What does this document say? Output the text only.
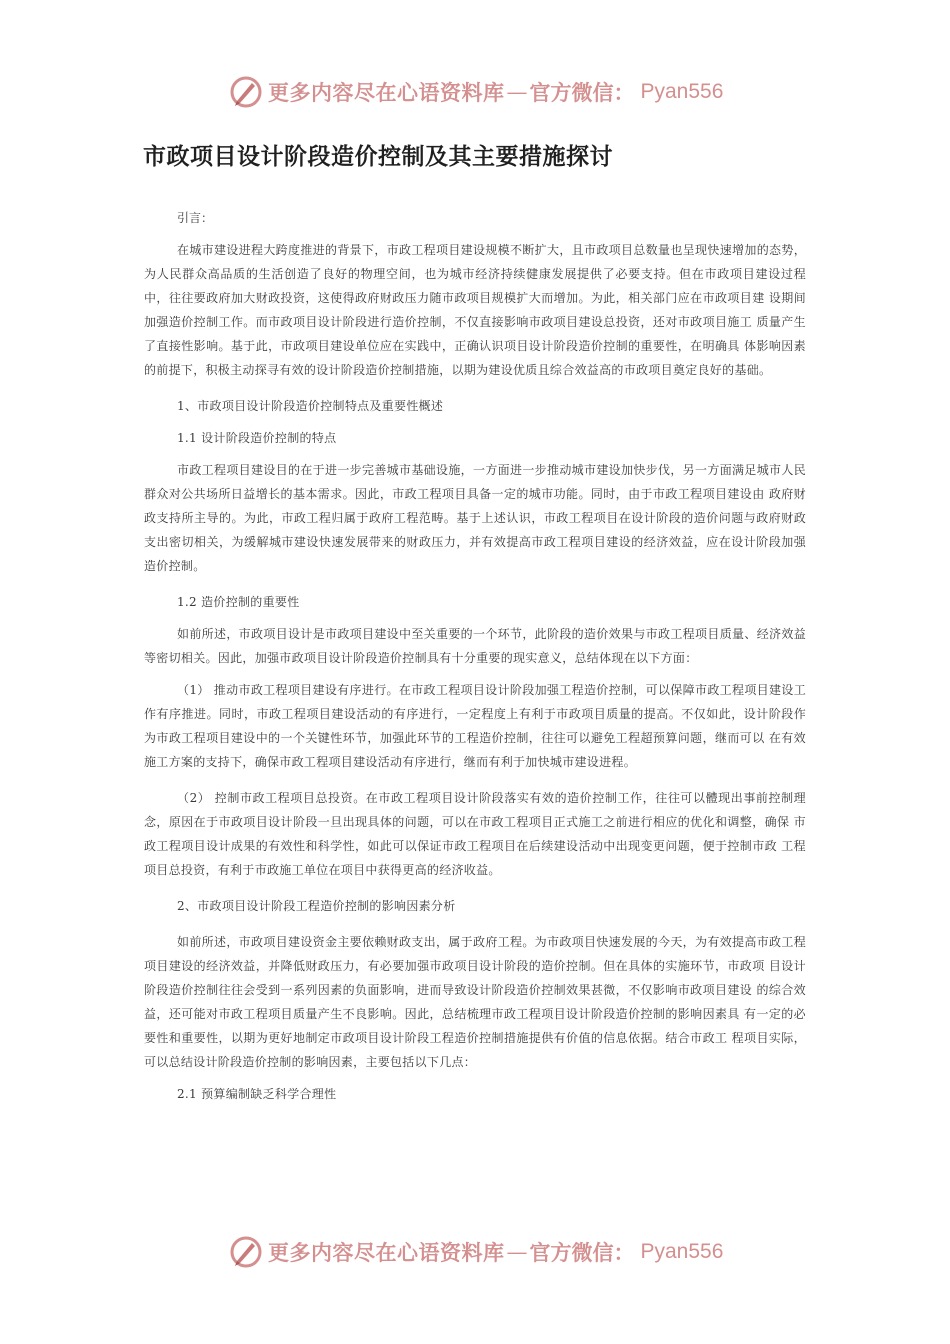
更多内容尽在心语资料库 — 官方微信： Pyan556
市政项目设计阶段造价控制及其主要措施探讨

引言：

在城市建设进程大跨度推进的背景下，市政工程项目建设规模不断扩大，且市政项目总数量也呈现快速增加的态势，为人民群众高品质的生活创造了良好的物理空间，也为城市经济持续健康发展提供了必要支持。但在市政项目建设过程中，往往要政府加大财政投资，这使得政府财政压力随市政项目规模扩大而增加。为此，相关部门应在市政项目建 设期间加强造价控制工作。而市政项目设计阶段进行造价控制，不仅直接影响市政项目建设总投资，还对市政项目施工 质量产生了直接性影响。基于此，市政项目建设单位应在实践中，正确认识项目设计阶段造价控制的重要性，在明确具 体影响因素的前提下，积极主动探寻有效的设计阶段造价控制措施，以期为建设优质且综合效益高的市政项目奠定良好的基础。

1、市政项目设计阶段造价控制特点及重要性概述

1.1 设计阶段造价控制的特点

市政工程项目建设目的在于进一步完善城市基础设施，一方面进一步推动城市建设加快步伐，另一方面满足城市人民群众对公共场所日益增长的基本需求。因此，市政工程项目具备一定的城市功能。同时，由于市政工程项目建设由 政府财政支持所主导的。为此，市政工程归属于政府工程范畴。基于上述认识，市政工程项目在设计阶段的造价问题与政府财政支出密切相关，为缓解城市建设快速发展带来的财政压力，并有效提高市政工程项目建设的经济效益，应在设计阶段加强造价控制。

1.2 造价控制的重要性

如前所述，市政项目设计是市政项目建设中至关重要的一个环节，此阶段的造价效果与市政工程项目质量、经济效益等密切相关。因此，加强市政项目设计阶段造价控制具有十分重要的现实意义，总结体现在以下方面：

（1） 推动市政工程项目建设有序进行。在市政工程项目设计阶段加强工程造价控制，可以保障市政工程项目建设工作有序推进。同时，市政工程项目建设活动的有序进行，一定程度上有利于市政项目质量的提高。不仅如此，设计阶段作为市政工程项目建设中的一个关键性环节，加强此环节的工程造价控制，往往可以避免工程超预算问题，继而可以 在有效施工方案的支持下，确保市政工程项目建设活动有序进行，继而有利于加快城市建设进程。

（2） 控制市政工程项目总投资。在市政工程项目设计阶段落实有效的造价控制工作，往往可以體现出事前控制理念，原因在于市政项目设计阶段一旦出现具体的问题，可以在市政工程项目正式施工之前进行相应的优化和调整，确保 市政工程项目设计成果的有效性和科学性，如此可以保证市政工程项目在后续建设活动中出现变更问题，便于控制市政 工程项目总投资，有利于市政施工单位在项目中获得更高的经济收益。

2、市政项目设计阶段工程造价控制的影响因素分析

如前所述，市政项目建设资金主要依赖财政支出，属于政府工程。为市政项目快速发展的今天，为有效提高市政工程项目建设的经济效益，并降低财政压力，有必要加强市政项目设计阶段的造价控制。但在具体的实施环节，市政项 目设计阶段造价控制往往会受到一系列因素的负面影响，进而导致设计阶段造价控制效果甚微，不仅影响市政项目建设 的综合效益，还可能对市政工程项目质量产生不良影响。因此，总结梳理市政工程项目设计阶段造价控制的影响因素具 有一定的必要性和重要性，以期为更好地制定市政项目设计阶段工程造价控制措施提供有价值的信息依据。结合市政工 程项目实际，可以总结设计阶段造价控制的影响因素，主要包括以下几点：

2.1 预算编制缺乏科学合理性

更多内容尽在心语资料库 — 官方微信： Pyan556
